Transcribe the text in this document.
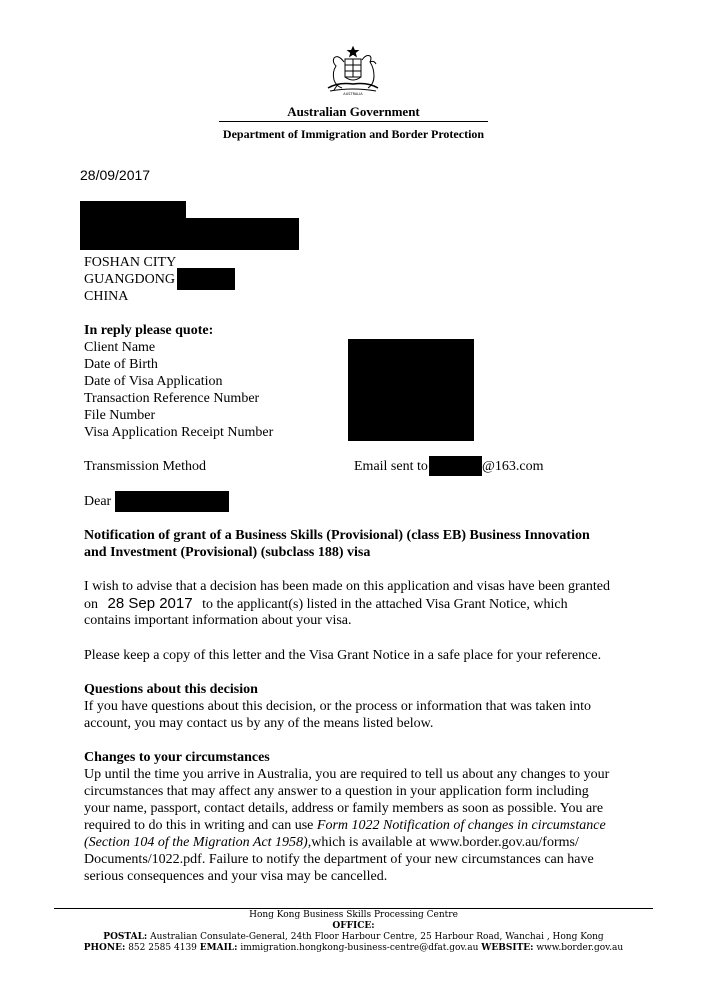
AUSTRALIA
Australian Government
Department of Immigration and Border Protection
28/09/2017
FOSHAN CITY
GUANGDONG
CHINA
In reply please quote:
Client Name
Date of Birth
Date of Visa Application
Transaction Reference Number
File Number
Visa Application Receipt Number
Transmission Method	Email sent to	@163.com
Dear
Notification of grant of a Business Skills (Provisional) (class EB) Business Innovation
and Investment (Provisional) (subclass 188) visa
I wish to advise that a decision has been made on this application and visas have been granted
on 28 Sep 2017 to the applicant(s) listed in the attached Visa Grant Notice, which
contains important information about your visa.
Please keep a copy of this letter and the Visa Grant Notice in a safe place for your reference.
Questions about this decision
If you have questions about this decision, or the process or information that was taken into
account, you may contact us by any of the means listed below.
Changes to your circumstances
Up until the time you arrive in Australia, you are required to tell us about any changes to your
circumstances that may affect any answer to a question in your application form including
your name, passport, contact details, address or family members as soon as possible. You are
required to do this in writing and can use Form 1022 Notification of changes in circumstance
(Section 104 of the Migration Act 1958),which is available at www.border.gov.au/forms/
Documents/1022.pdf. Failure to notify the department of your new circumstances can have
serious consequences and your visa may be cancelled.
Hong Kong Business Skills Processing Centre
OFFICE:
POSTAL: Australian Consulate-General, 24th Floor Harbour Centre, 25 Harbour Road, Wanchai , Hong Kong
PHONE: 852 2585 4139 EMAIL: immigration.hongkong-business-centre@dfat.gov.au WEBSITE: www.border.gov.au
